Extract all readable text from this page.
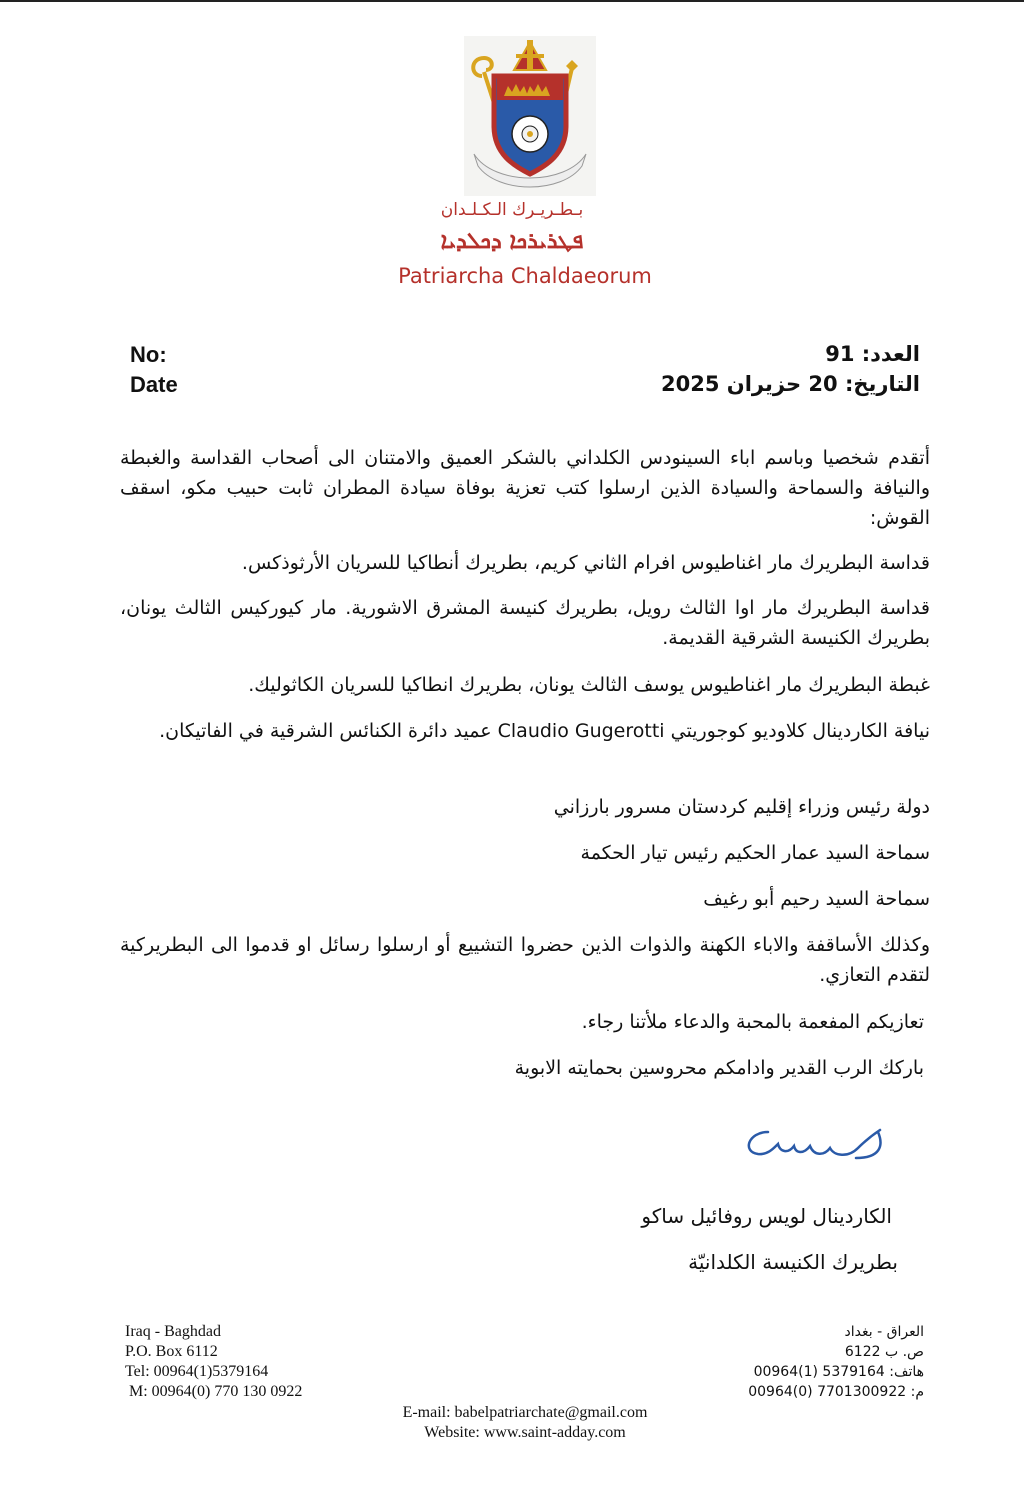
بـطـريـرك الـكـلـدان
ܦܛܪܝܪܟܐ ܕܟܠܕܝܐ
Patriarcha Chaldaeorum
No:
Date
العدد: 91
التاريخ: 20 حزيران 2025
أتقدم شخصيا وباسم اباء السينودس الكلداني بالشكر العميق والامتنان الى أصحاب القداسة والغبطة والنيافة والسماحة والسيادة الذين ارسلوا كتب تعزية بوفاة سيادة المطران ثابت حبيب مكو، اسقف القوش:
قداسة البطريرك مار اغناطيوس افرام الثاني كريم، بطريرك أنطاكيا للسريان الأرثوذكس.
قداسة البطريرك مار اوا الثالث رويل، بطريرك كنيسة المشرق الاشورية. مار كيوركيس الثالث يونان، بطريرك الكنيسة الشرقية القديمة.
غبطة البطريرك مار اغناطيوس يوسف الثالث يونان، بطريرك انطاكيا للسريان الكاثوليك.
نيافة الكاردينال كلاوديو كوجوريتي Claudio Gugerotti عميد دائرة الكنائس الشرقية في الفاتيكان.
دولة رئيس وزراء إقليم كردستان مسرور بارزاني
سماحة السيد عمار الحكيم رئيس تيار الحكمة
سماحة السيد رحيم أبو رغيف
وكذلك الأساقفة والاباء الكهنة والذوات الذين حضروا التشييع أو ارسلوا رسائل او قدموا الى البطريركية لتقدم التعازي.
تعازيكم المفعمة بالمحبة والدعاء ملأتنا رجاء.
باركك الرب القدير وادامكم محروسين بحمايته الابوية
الكاردينال لويس روفائيل ساكو
بطريرك الكنيسة الكلدانيّة
Iraq - Baghdad
P.O. Box 6112
Tel: 00964(1)5379164
M: 00964(0) 770 130 0922
العراق - بغداد
ص. ب 6122
هاتف: 5379164 (1)00964
م: 7701300922 (0)00964
E-mail: babelpatriarchate@gmail.com
Website: www.saint-adday.com
